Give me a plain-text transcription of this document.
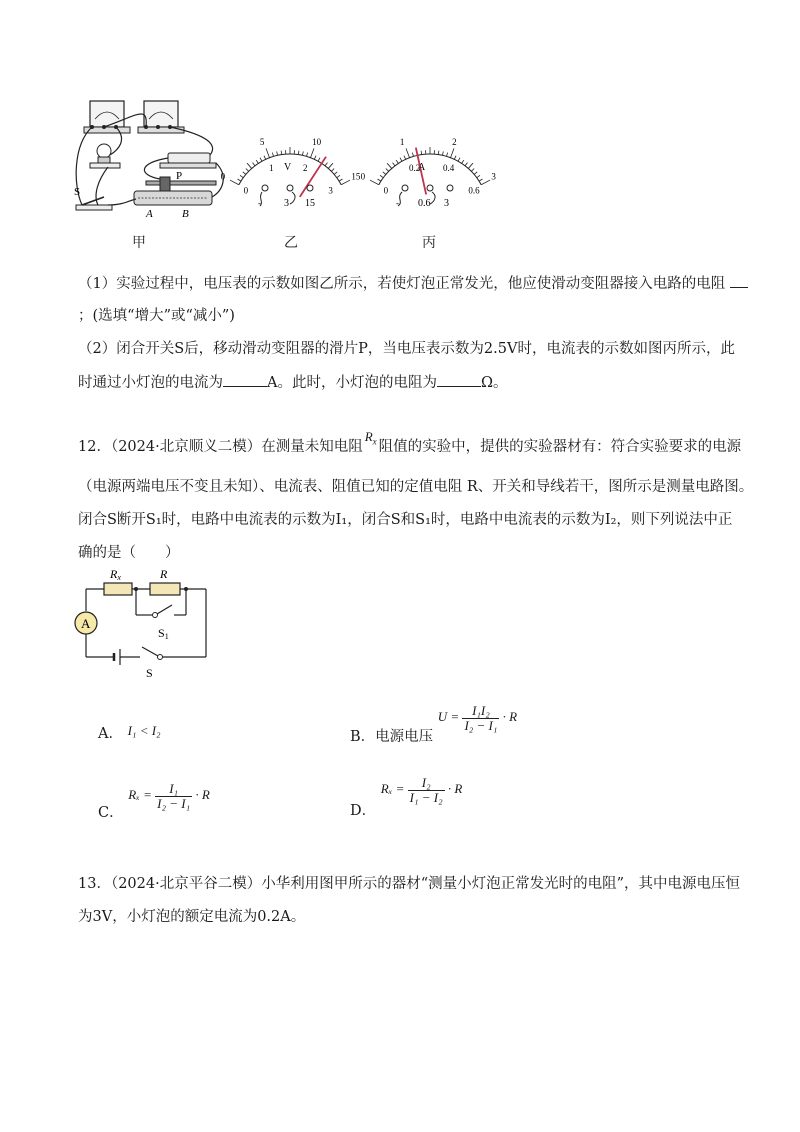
P
S
A	B
0
5	10
15
0
1	2
3
V
- 3 15
0
1	2
3
0
0.2	0.4
0.6
A
- 0.6 3
甲	乙	丙
（1）实验过程中，电压表的示数如图乙所示，若使灯泡正常发光，他应使滑动变阻器接入电路的电阻
；(选填“增大”或“减小”)
（2）闭合开关S后，移动滑动变阻器的滑片P，当电压表示数为2.5V时，电流表的示数如图丙所示，此
时通过小灯泡的电流为	A。此时，小灯泡的电阻为	Ω。
12．（2024·北京顺义二模）在测量未知电阻$R_x$ 阻值的实验中，提供的实验器材有：符合实验要求的电源
（电源两端电压不变且未知）、电流表、阻值已知的定值电阻 R、开关和导线若干，图所示是测量电路图。
闭合S断开S₁时，电路中电流表的示数为I₁，闭合S和S₁时，电路中电流表的示数为I₂，则下列说法中正
确的是（　　）
A
Rx	R
S1
S
A． I₁ < I₂	B．电源电压 $U = \frac{\text{I₁I₂}}{\text{I₂ − I₁}} \cdot R$
C． $R_x = \frac{\text{I₁}}{\text{I₂ − I₁}} \cdot R$
D． $R_x = \frac{\text{I₂}}{\text{I₁ − I₂}} \cdot R$
13．（2024·北京平谷二模）小华利用图甲所示的器材“测量小灯泡正常发光时的电阻”，其中电源电压恒
为3V，小灯泡的额定电流为0.2A。
